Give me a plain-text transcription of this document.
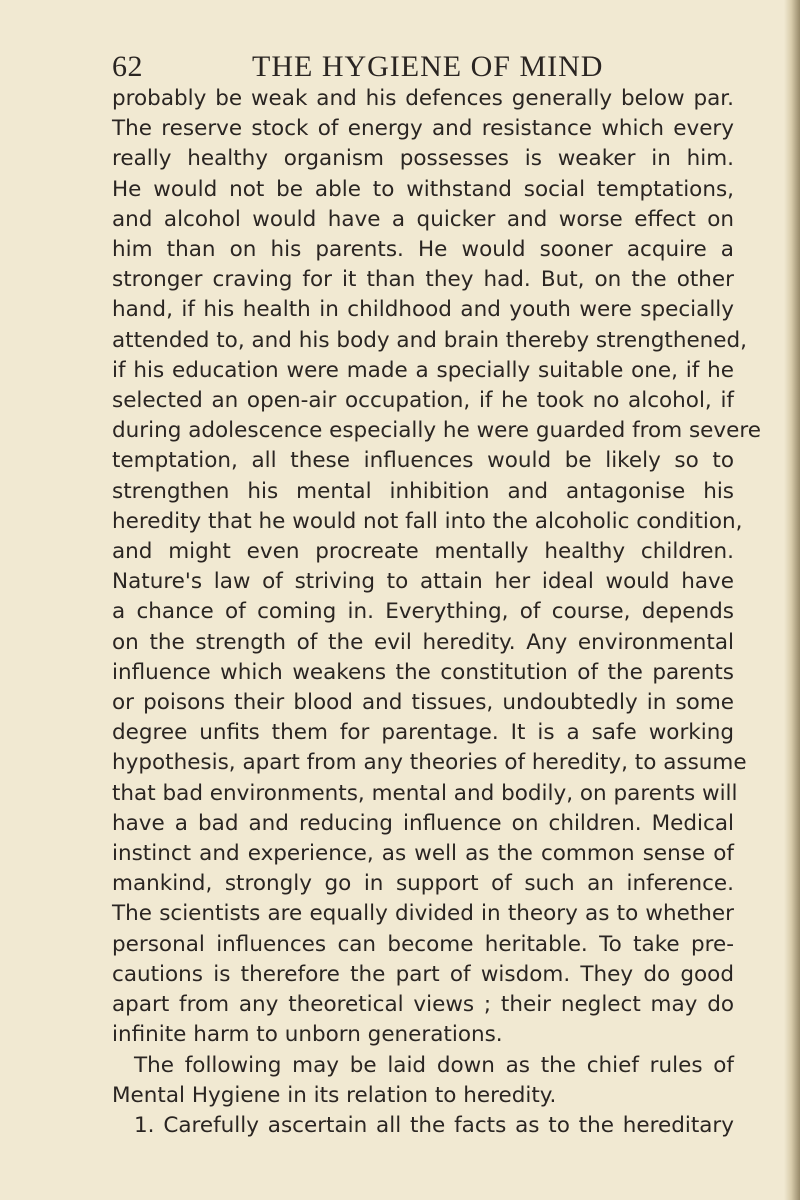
62	THE HYGIENE OF MIND
probably be weak and his defences generally below par.
The reserve stock of energy and resistance which every
really healthy organism possesses is weaker in him.
He would not be able to withstand social temptations,
and alcohol would have a quicker and worse effect on
him than on his parents. He would sooner acquire a
stronger craving for it than they had. But, on the other
hand, if his health in childhood and youth were specially
attended to, and his body and brain thereby strengthened,
if his education were made a specially suitable one, if he
selected an open-air occupation, if he took no alcohol, if
during adolescence especially he were guarded from severe
temptation, all these influences would be likely so to
strengthen his mental inhibition and antagonise his
heredity that he would not fall into the alcoholic condition,
and might even procreate mentally healthy children.
Nature's law of striving to attain her ideal would have
a chance of coming in. Everything, of course, depends
on the strength of the evil heredity. Any environmental
influence which weakens the constitution of the parents
or poisons their blood and tissues, undoubtedly in some
degree unfits them for parentage. It is a safe working
hypothesis, apart from any theories of heredity, to assume
that bad environments, mental and bodily, on parents will
have a bad and reducing influence on children. Medical
instinct and experience, as well as the common sense of
mankind, strongly go in support of such an inference.
The scientists are equally divided in theory as to whether
personal influences can become heritable. To take pre-
cautions is therefore the part of wisdom. They do good
apart from any theoretical views ; their neglect may do
infinite harm to unborn generations.
The following may be laid down as the chief rules of
Mental Hygiene in its relation to heredity.
1. Carefully ascertain all the facts as to the hereditary
